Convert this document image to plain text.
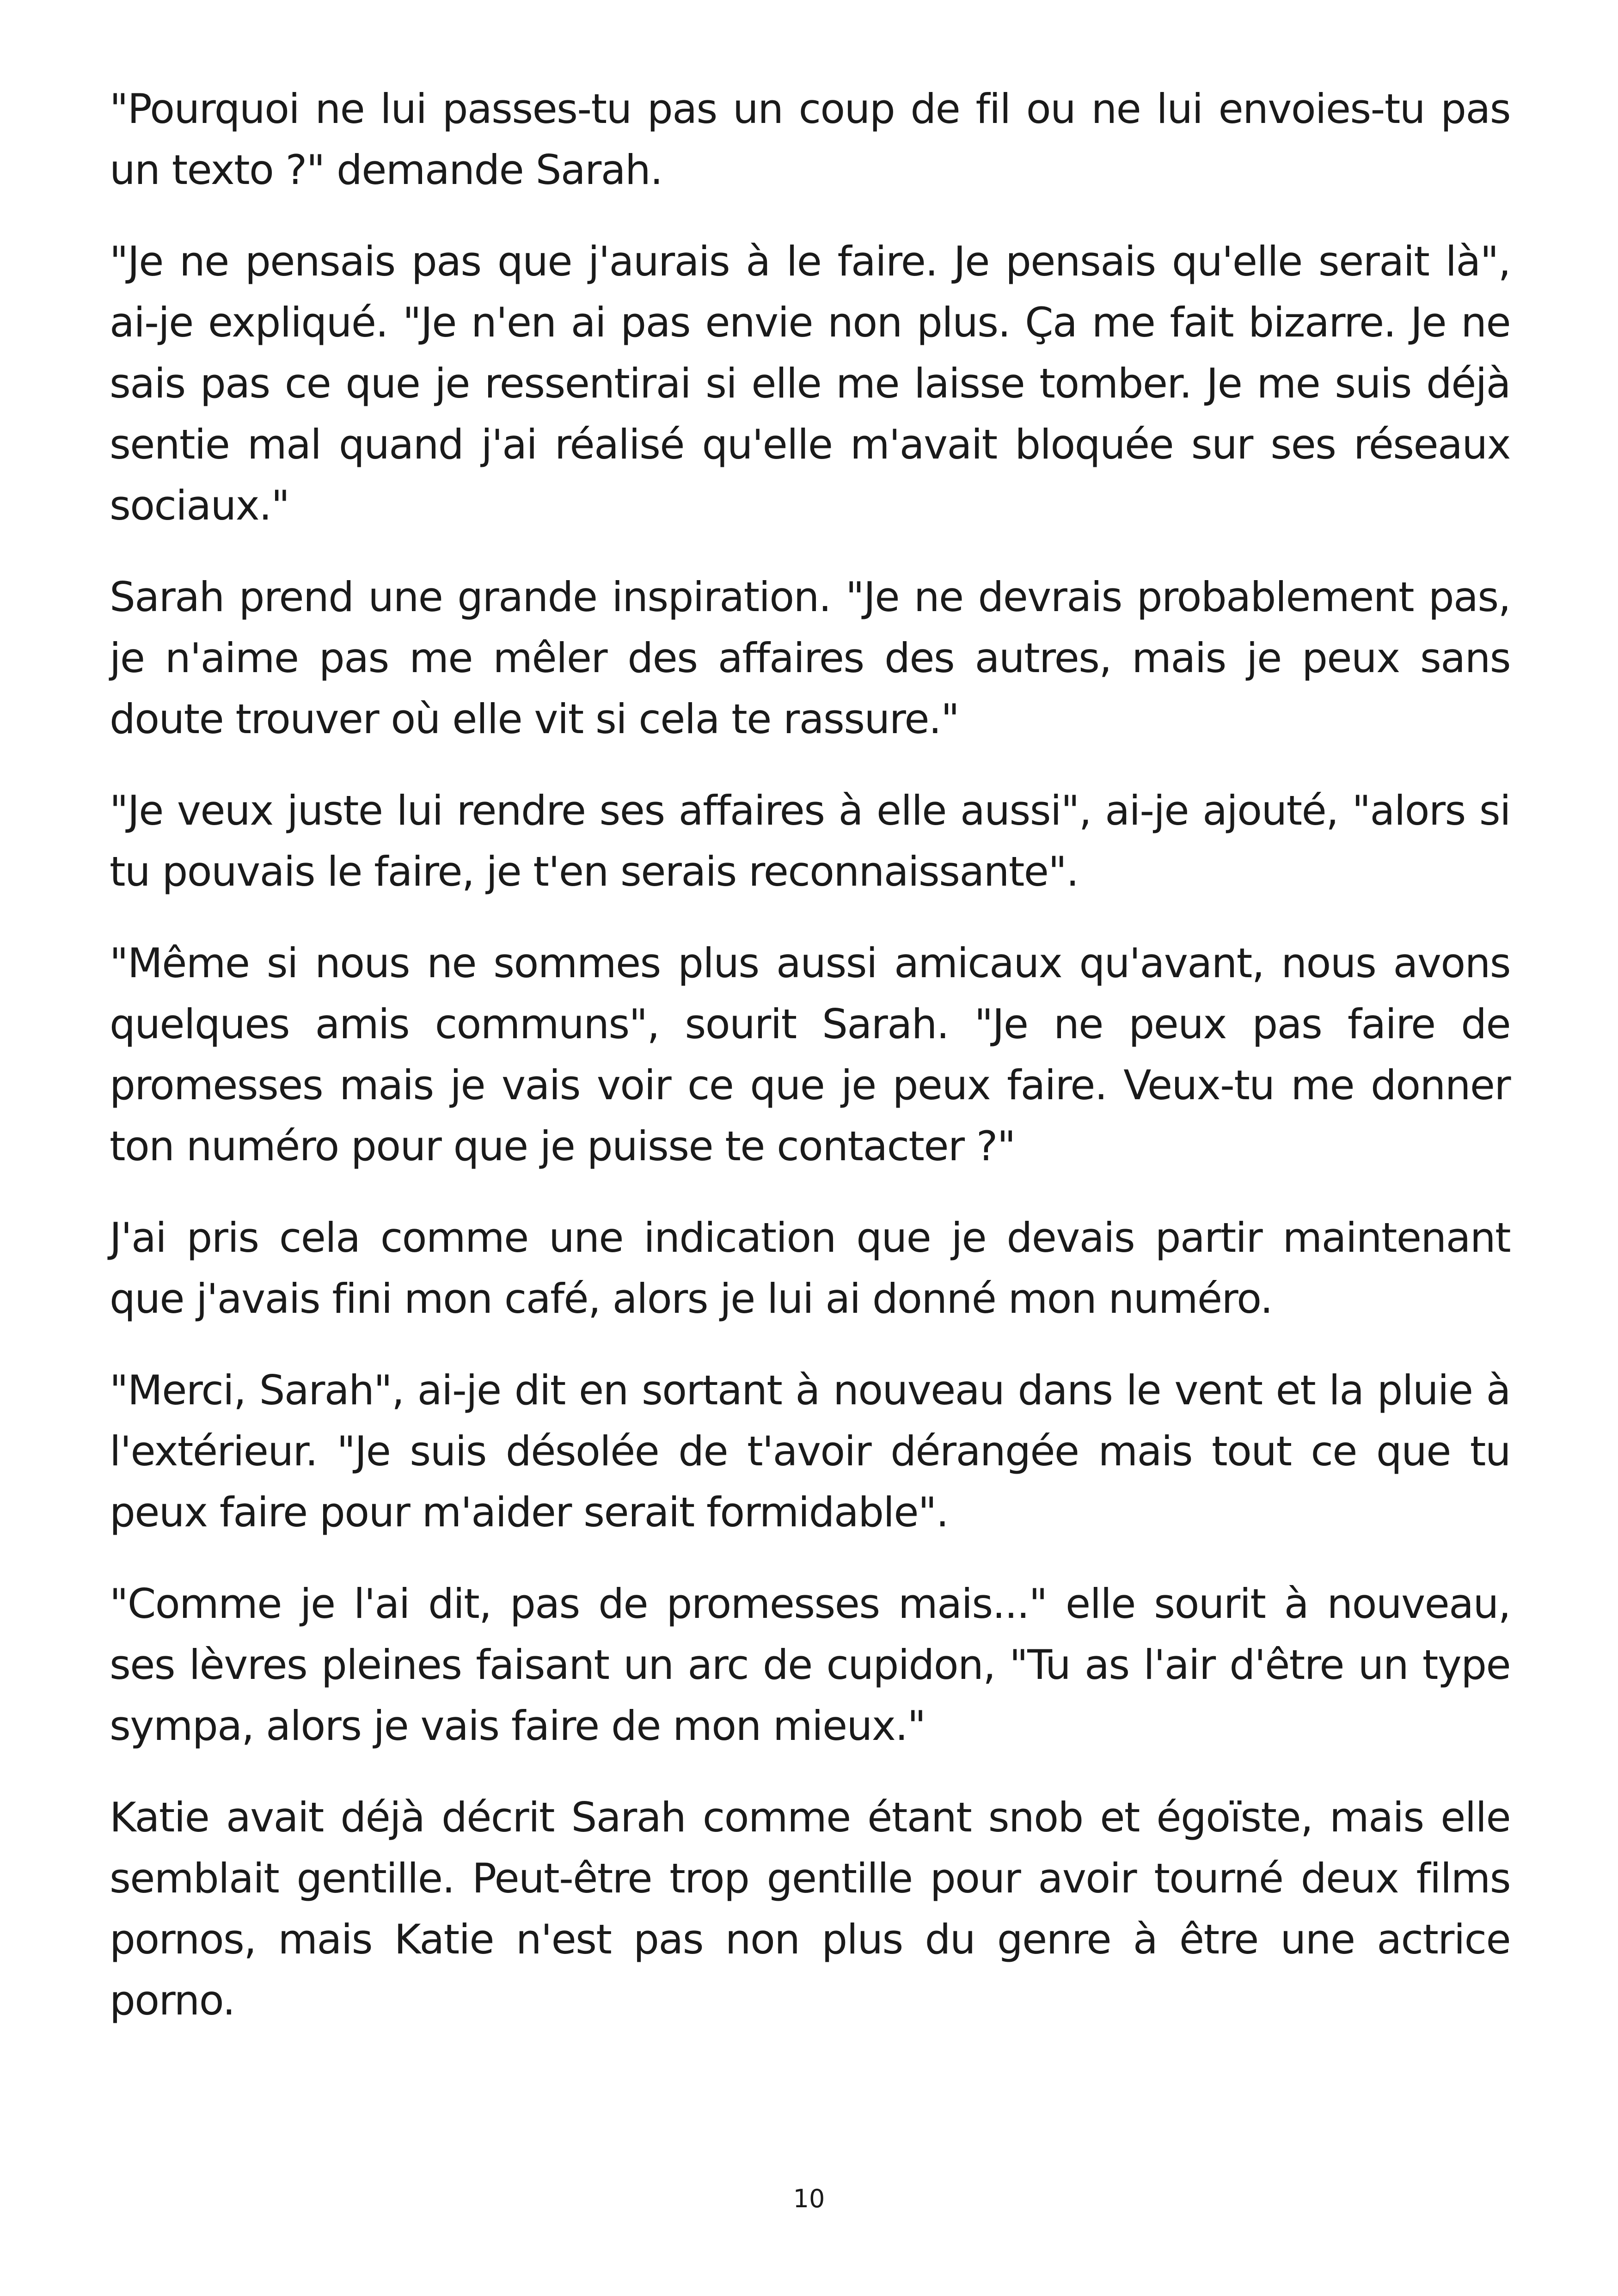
"Pourquoi ne lui passes-tu pas un coup de fil ou ne lui envoies-tu pas un texto ?" demande Sarah.

"Je ne pensais pas que j'aurais à le faire. Je pensais qu'elle serait là", ai-je expliqué. "Je n'en ai pas envie non plus. Ça me fait bizarre. Je ne sais pas ce que je ressentirai si elle me laisse tomber. Je me suis déjà sentie mal quand j'ai réalisé qu'elle m'avait bloquée sur ses réseaux sociaux."

Sarah prend une grande inspiration. "Je ne devrais probablement pas, je n'aime pas me mêler des affaires des autres, mais je peux sans doute trouver où elle vit si cela te rassure."

"Je veux juste lui rendre ses affaires à elle aussi", ai-je ajouté, "alors si tu pouvais le faire, je t'en serais reconnaissante".

"Même si nous ne sommes plus aussi amicaux qu'avant, nous avons quelques amis communs", sourit Sarah. "Je ne peux pas faire de promesses mais je vais voir ce que je peux faire. Veux-tu me donner ton numéro pour que je puisse te contacter ?"

J'ai pris cela comme une indication que je devais partir maintenant que j'avais fini mon café, alors je lui ai donné mon numéro.

"Merci, Sarah", ai-je dit en sortant à nouveau dans le vent et la pluie à l'extérieur. "Je suis désolée de t'avoir dérangée mais tout ce que tu peux faire pour m'aider serait formidable".

"Comme je l'ai dit, pas de promesses mais..." elle sourit à nouveau, ses lèvres pleines faisant un arc de cupidon, "Tu as l'air d'être un type sympa, alors je vais faire de mon mieux."

Katie avait déjà décrit Sarah comme étant snob et égoïste, mais elle semblait gentille. Peut-être trop gentille pour avoir tourné deux films pornos, mais Katie n'est pas non plus du genre à être une actrice porno.

10
